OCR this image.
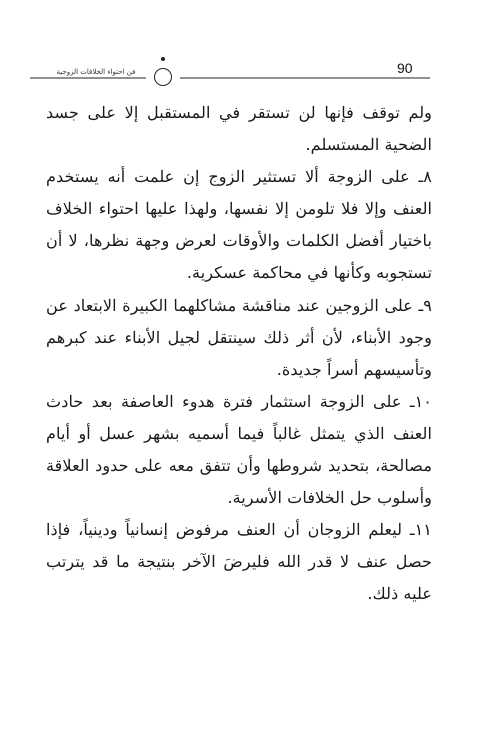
فن احتواء الخلافات الزوجية	90

ولم توقف فإنها لن تستقر في المستقبل إلا على جسد الضحية المستسلم.

٨ـ على الزوجة ألا تستثير الزوج إن علمت أنه يستخدم العنف وإلا فلا تلومن إلا نفسها، ولهذا عليها احتواء الخلاف باختيار أفضل الكلمات والأوقات لعرض وجهة نظرها، لا أن تستجوبه وكأنها في محاكمة عسكرية.

٩ـ على الزوجين عند مناقشة مشاكلهما الكبيرة الابتعاد عن وجود الأبناء، لأن أثر ذلك سينتقل لجيل الأبناء عند كبرهم وتأسيسهم أسراً جديدة.

١٠ـ على الزوجة استثمار فترة هدوء العاصفة بعد حادث العنف الذي يتمثل غالباً فيما أسميه بشهر عسل أو أيام مصالحة، بتحديد شروطها وأن تتفق معه على حدود العلاقة وأسلوب حل الخلافات الأسرية.

١١ـ ليعلم الزوجان أن العنف مرفوض إنسانياً ودينياً، فإذا حصل عنف لا قدر الله فليرضَ الآخر بنتيجة ما قد يترتب عليه ذلك.
